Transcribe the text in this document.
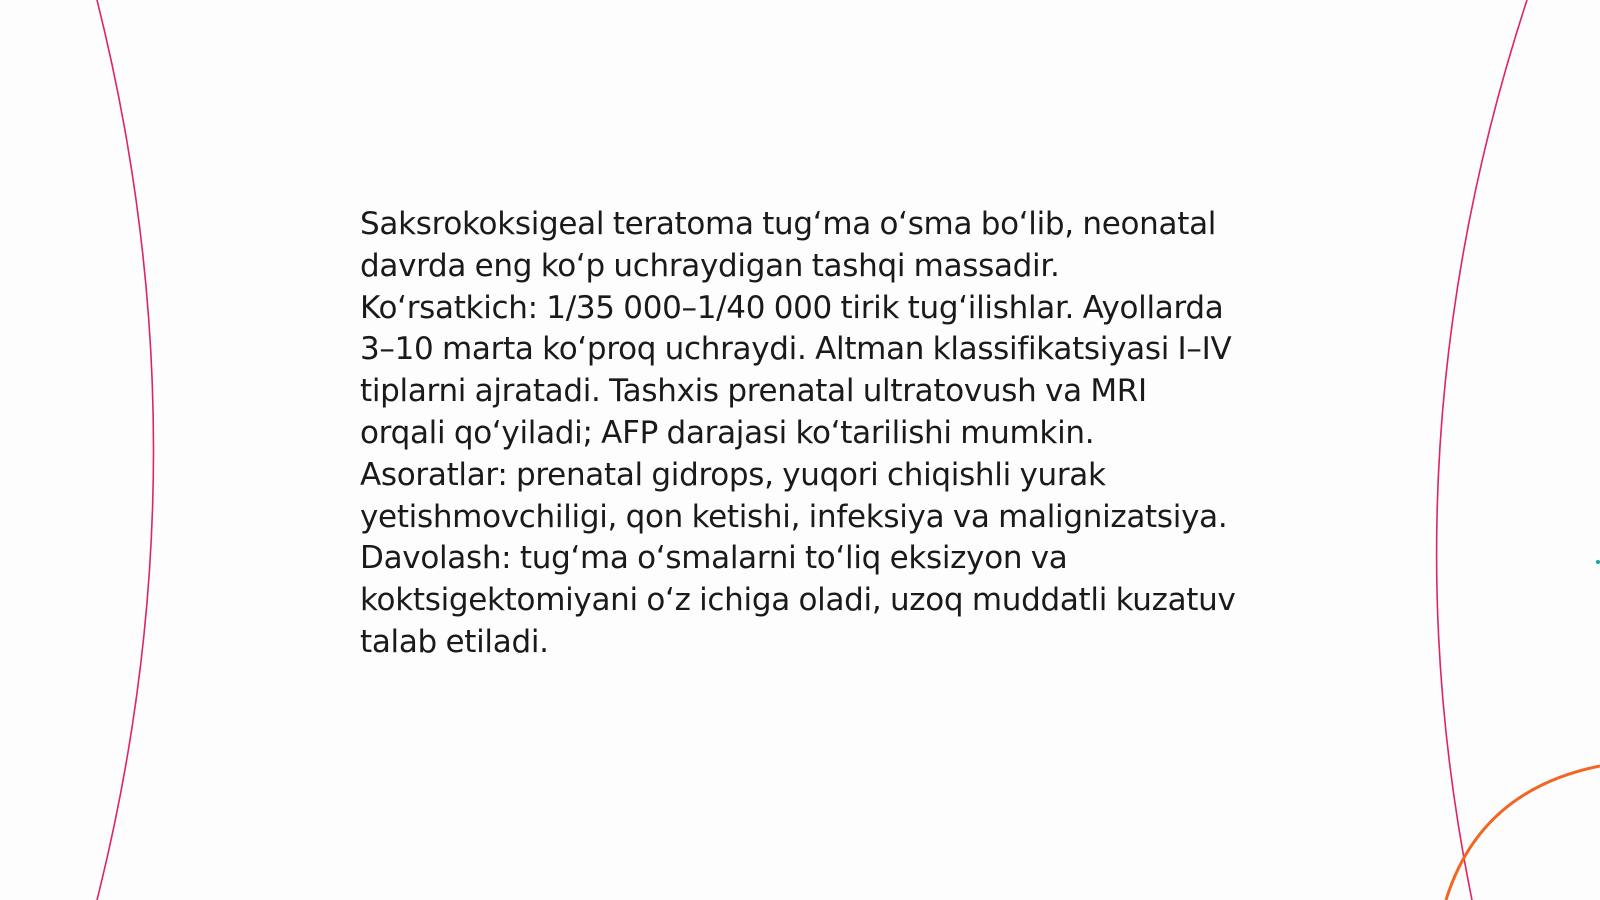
Saksrokoksigeal teratoma tugʻma oʻsma boʻlib, neonatal davrda eng koʻp uchraydigan tashqi massadir. Koʻrsatkich: 1/35 000–1/40 000 tirik tugʻilishlar. Ayollarda 3–10 marta koʻproq uchraydi. Altman klassifikatsiyasi I–IV tiplarni ajratadi. Tashxis prenatal ultratovush va MRI orqali qoʻyiladi; AFP darajasi koʻtarilishi mumkin. Asoratlar: prenatal gidrops, yuqori chiqishli yurak yetishmovchiligi, qon ketishi, infeksiya va malignizatsiya. Davolash: tugʻma oʻsmalarni toʻliq eksizyon va koktsigektomiyani oʻz ichiga oladi, uzoq muddatli kuzatuv talab etiladi.
